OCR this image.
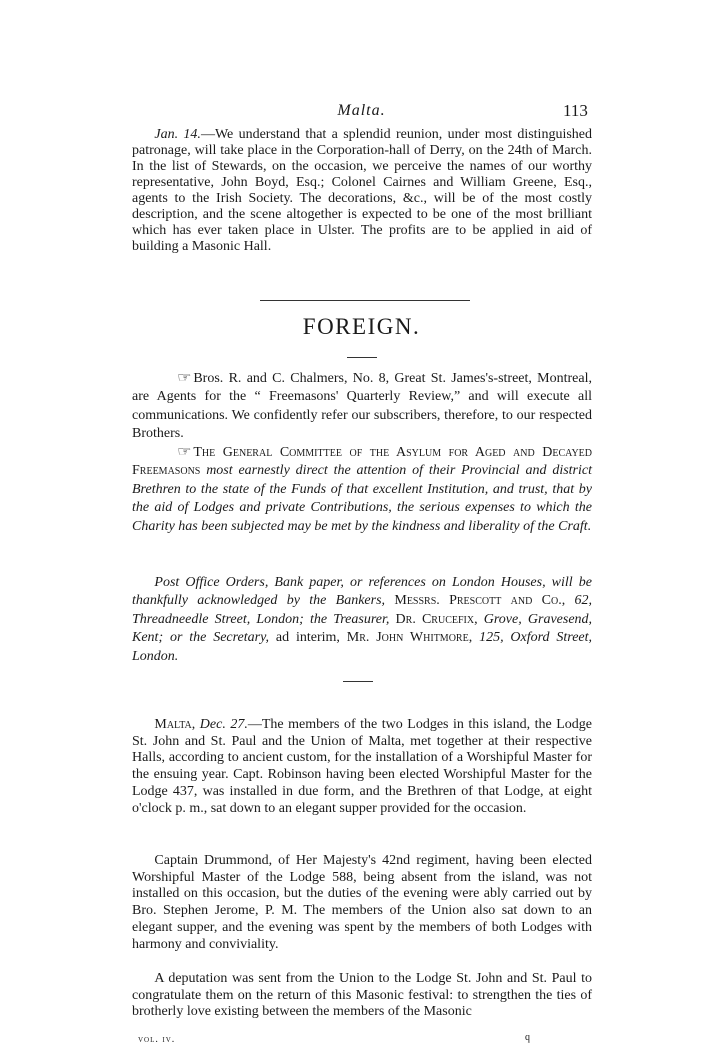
Malta.	113

Jan. 14.—We understand that a splendid reunion, under most distinguished patronage, will take place in the Corporation-hall of Derry, on the 24th of March. In the list of Stewards, on the occasion, we perceive the names of our worthy representative, John Boyd, Esq.; Colonel Cairnes and William Greene, Esq., agents to the Irish Society. The decorations, &c., will be of the most costly description, and the scene altogether is expected to be one of the most brilliant which has ever taken place in Ulster. The profits are to be applied in aid of building a Masonic Hall.

FOREIGN.

☞Bros. R. and C. Chalmers, No. 8, Great St. James's-street, Montreal, are Agents for the “ Freemasons' Quarterly Review,” and will execute all communications. We confidently refer our subscribers, therefore, to our respected Brothers.

☞The General Committee of the Asylum for Aged and Decayed Freemasons most earnestly direct the attention of their Provincial and district Brethren to the state of the Funds of that excellent Institution, and trust, that by the aid of Lodges and private Contributions, the serious expenses to which the Charity has been subjected may be met by the kindness and liberality of the Craft.

Post Office Orders, Bank paper, or references on London Houses, will be thankfully acknowledged by the Bankers, Messrs. Prescott and Co., 62, Threadneedle Street, London; the Treasurer, Dr. Crucefix, Grove, Gravesend, Kent; or the Secretary, ad interim, Mr. John Whitmore, 125, Oxford Street, London.

Malta, Dec. 27.—The members of the two Lodges in this island, the Lodge St. John and St. Paul and the Union of Malta, met together at their respective Halls, according to ancient custom, for the installation of a Worshipful Master for the ensuing year. Capt. Robinson having been elected Worshipful Master for the Lodge 437, was installed in due form, and the Brethren of that Lodge, at eight o'clock p. m., sat down to an elegant supper provided for the occasion.

Captain Drummond, of Her Majesty's 42nd regiment, having been elected Worshipful Master of the Lodge 588, being absent from the island, was not installed on this occasion, but the duties of the evening were ably carried out by Bro. Stephen Jerome, P. M. The members of the Union also sat down to an elegant supper, and the evening was spent by the members of both Lodges with harmony and conviviality.

A deputation was sent from the Union to the Lodge St. John and St. Paul to congratulate them on the return of this Masonic festival: to strengthen the ties of brotherly love existing between the members of the Masonic

vol. iv.	q
